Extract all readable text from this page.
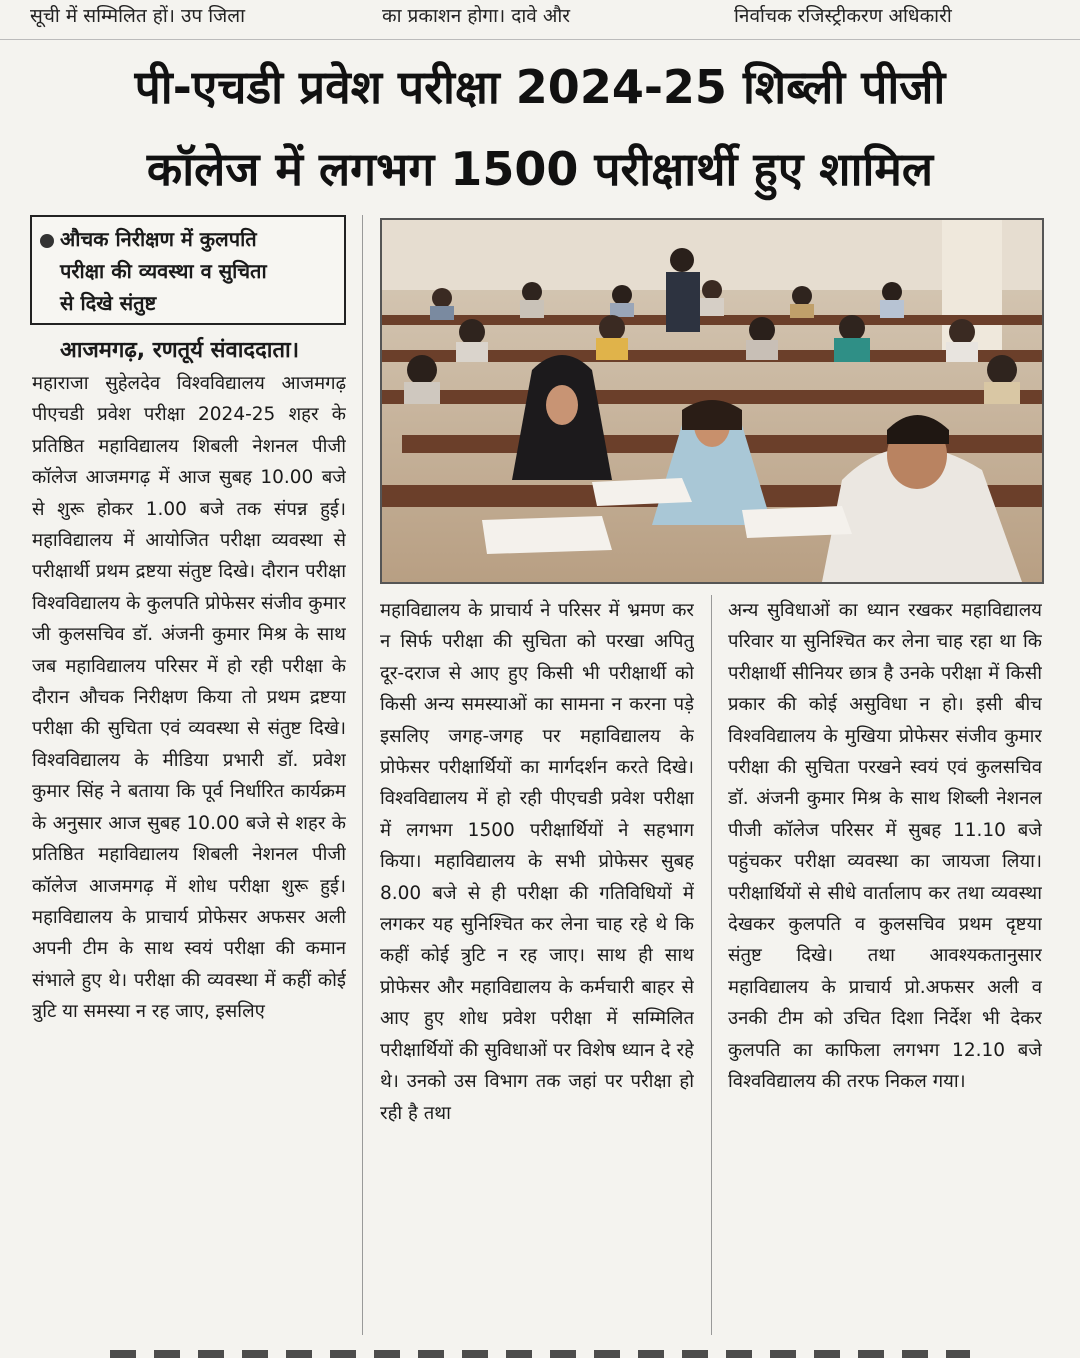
सूची में सम्मिलित हों। उप जिला	का प्रकाशन होगा। दावे और	निर्वाचक रजिस्ट्रीकरण अधिकारी
पी-एचडी प्रवेश परीक्षा 2024-25 शिब्ली पीजी
कॉलेज में लगभग 1500 परीक्षार्थी हुए शामिल
औचक निरीक्षण में कुलपति
परीक्षा की व्यवस्था व सुचिता
से दिखे संतुष्ट
आजमगढ़, रणतूर्य संवाददाता।

महाराजा सुहेलदेव विश्वविद्यालय आजमगढ़ पीएचडी प्रवेश परीक्षा 2024-25 शहर के प्रतिष्ठित महाविद्यालय शिबली नेशनल पीजी कॉलेज आजमगढ़ में आज सुबह 10.00 बजे से शुरू होकर 1.00 बजे तक संपन्न हुई। महाविद्यालय में आयोजित परीक्षा व्यवस्था से परीक्षार्थी प्रथम द्रष्टया संतुष्ट दिखे। दौरान परीक्षा विश्वविद्यालय के कुलपति प्रोफेसर संजीव कुमार जी कुलसचिव डॉ. अंजनी कुमार मिश्र के साथ जब महाविद्यालय परिसर में हो रही परीक्षा के दौरान औचक निरीक्षण किया तो प्रथम द्रष्टया परीक्षा की सुचिता एवं व्यवस्था से संतुष्ट दिखे। विश्वविद्यालय के मीडिया प्रभारी डॉ. प्रवेश कुमार सिंह ने बताया कि पूर्व निर्धारित कार्यक्रम के अनुसार आज सुबह 10.00 बजे से शहर के प्रतिष्ठित महाविद्यालय शिबली नेशनल पीजी कॉलेज आजमगढ़ में शोध परीक्षा शुरू हुई। महाविद्यालय के प्राचार्य प्रोफेसर अफसर अली अपनी टीम के साथ स्वयं परीक्षा की कमान संभाले हुए थे। परीक्षा की व्यवस्था में कहीं कोई त्रुटि या समस्या न रह जाए, इसलिए

महाविद्यालय के प्राचार्य ने परिसर में भ्रमण कर न सिर्फ परीक्षा की सुचिता को परखा अपितु दूर-दराज से आए हुए किसी भी परीक्षार्थी को किसी अन्य समस्याओं का सामना न करना पड़े इसलिए जगह-जगह पर महाविद्यालय के प्रोफेसर परीक्षार्थियों का मार्गदर्शन करते दिखे। विश्वविद्यालय में हो रही पीएचडी प्रवेश परीक्षा में लगभग 1500 परीक्षार्थियों ने सहभाग किया। महाविद्यालय के सभी प्रोफेसर सुबह 8.00 बजे से ही परीक्षा की गतिविधियों में लगकर यह सुनिश्चित कर लेना चाह रहे थे कि कहीं कोई त्रुटि न रह जाए। साथ ही साथ प्रोफेसर और महाविद्यालय के कर्मचारी बाहर से आए हुए शोध प्रवेश परीक्षा में सम्मिलित परीक्षार्थियों की सुविधाओं पर विशेष ध्यान दे रहे थे। उनको उस विभाग तक जहां पर परीक्षा हो रही है तथा

अन्य सुविधाओं का ध्यान रखकर महाविद्यालय परिवार या सुनिश्चित कर लेना चाह रहा था कि परीक्षार्थी सीनियर छात्र है उनके परीक्षा में किसी प्रकार की कोई असुविधा न हो। इसी बीच विश्वविद्यालय के मुखिया प्रोफेसर संजीव कुमार परीक्षा की सुचिता परखने स्वयं एवं कुलसचिव डॉ. अंजनी कुमार मिश्र के साथ शिब्ली नेशनल पीजी कॉलेज परिसर में सुबह 11.10 बजे पहुंचकर परीक्षा व्यवस्था का जायजा लिया। परीक्षार्थियों से सीधे वार्तालाप कर तथा व्यवस्था देखकर कुलपति व कुलसचिव प्रथम दृष्टया संतुष्ट दिखे। तथा आवश्यकतानुसार महाविद्यालय के प्राचार्य प्रो.अफसर अली व उनकी टीम को उचित दिशा निर्देश भी देकर कुलपति का काफिला लगभग 12.10 बजे विश्वविद्यालय की तरफ निकल गया।
